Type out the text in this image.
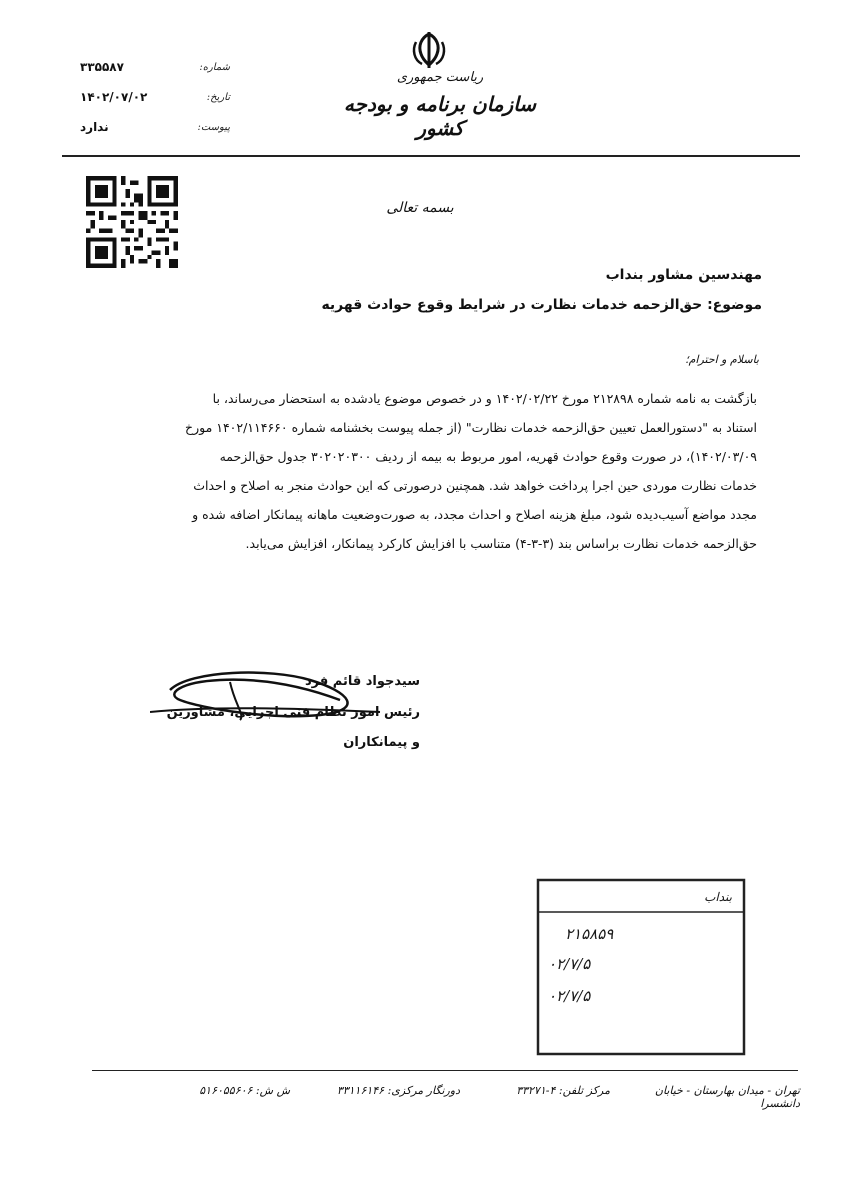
۳۳۵۵۸۷	شماره:
۱۴۰۲/۰۷/۰۲	تاریخ:
ندارد	پیوست:
ریاست جمهوری
سازمان برنامه و بودجه کشور
بسمه تعالی
مهندسین مشاور بنداب
موضوع: حق‌الزحمه خدمات نظارت در شرایط وقوع حوادث قهریه
باسلام و احترام؛

بازگشت به نامه شماره ۲۱۲۸۹۸ مورخ ۱۴۰۲/۰۲/۲۲ و در خصوص موضوع یادشده به استحضار می‌رساند، با

استناد به "دستورالعمل تعیین حق‌الزحمه خدمات نظارت" (از جمله پیوست بخشنامه شماره ۱۴۰۲/۱۱۴۶۶۰ مورخ

۱۴۰۲/۰۳/۰۹)، در صورت وقوع حوادث قهریه، امور مربوط به بیمه از ردیف ۳۰۲۰۲۰۳۰۰ جدول حق‌الزحمه

خدمات نظارت موردی حین اجرا پرداخت خواهد شد. همچنین درصورتی که این حوادث منجر به اصلاح و احداث

مجدد مواضع آسیب‌دیده شود، مبلغ هزینه اصلاح و احداث مجدد، به صورت‌وضعیت ماهانه پیمانکار اضافه شده و

حق‌الزحمه خدمات نظارت براساس بند (۳-۳-۴) متناسب با افزایش کارکرد پیمانکار، افزایش می‌یابد.

سیدجواد قائم فرد
رئیس امور نظام فنی اجرایی، مشاورین
و پیمانکاران
بنداب
۲۱۵۸۵۹
۰۲/۷/۵
۰۲/۷/۵
تهران - میدان بهارستان - خیابان دانشسرا
مرکز تلفن: ۴-۳۳۲۷۱
دورنگار مرکزی: ۳۳۱۱۶۱۴۶
ش ش: ۵۱۶۰۵۵۶۰۶
